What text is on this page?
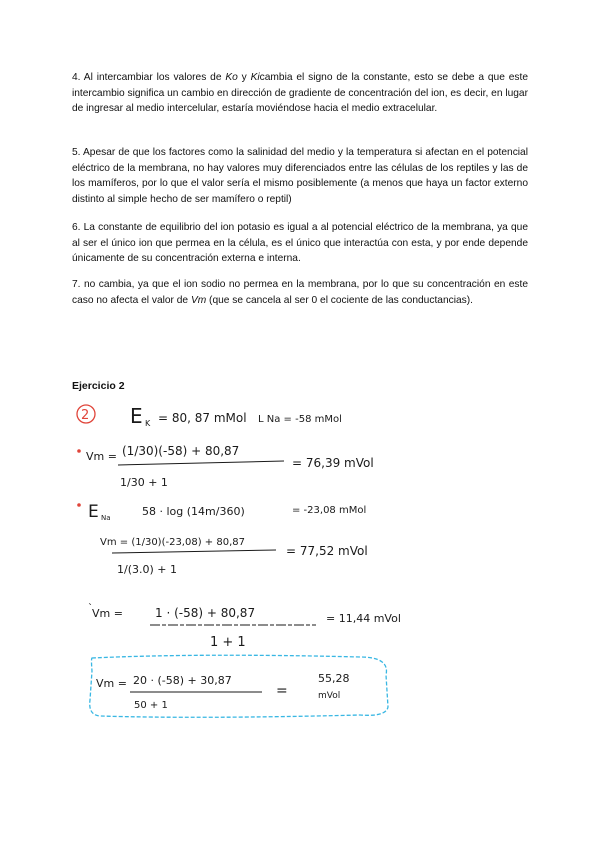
4. Al intercambiar los valores de Ko y Kicambia el signo de la constante, esto se debe a que este intercambio significa un cambio en dirección de gradiente de concentración del ion, es decir, en lugar de ingresar al medio intercelular, estaría moviéndose hacia el medio extracelular.

5. Apesar de que los factores como la salinidad del medio y la temperatura si afectan en el potencial eléctrico de la membrana, no hay valores muy diferenciados entre las células de los reptiles y las de los mamíferos, por lo que el valor sería el mismo posiblemente (a menos que haya un factor externo distinto al simple hecho de ser mamífero o reptil)

6. La constante de equilibrio del ion potasio es igual a al potencial eléctrico de la membrana, ya que al ser el único ion que permea en la célula, es el único que interactúa con esta, y por ende depende únicamente de su concentración externa e interna.

7. no cambia, ya que el ion sodio no permea en la membrana, por lo que su concentración en este caso no afecta el valor de Vm (que se cancela al ser 0 el cociente de las conductancias).

Ejercicio 2
2 E K = 80, 87 mMol L Na = -58 mMol
Vm = (1/30)(-58) + 80,87
1/30 + 1
= 76,39 mVol
E Na	58 · log (14m/360)	= -23,08 mMol
Vm = (1/30)(-23,08) + 80,87
1/(3.0) + 1
= 77,52 mVol
` Vm =	1 · (-58) + 80,87
1 + 1
= 11,44 mVol
Vm = 20 · (-58) + 30,87
50 + 1
=
55,28
mVol
